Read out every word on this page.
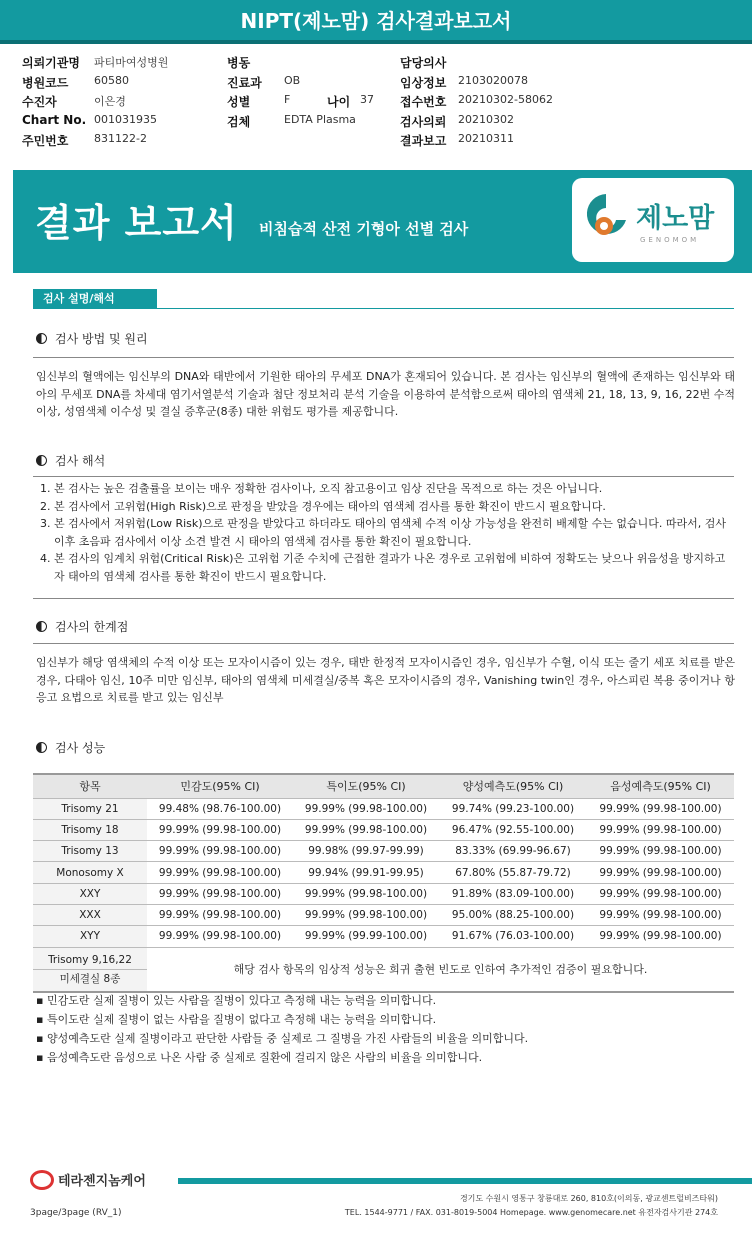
NIPT(제노맘) 검사결과보고서
의뢰기관명 파티마여성병원	병동	담당의사
병원코드 60580	진료과 OB	임상정보 2103020078
수진자	이은경	성별	F	나이 37 접수번호 20210302-58062
Chart No. 001031935	검체	EDTA Plasma	검사의뢰 20210302
주민번호 831122-2	결과보고 20210311
결과 보고서 비침습적 산전 기형아 선별 검사	제노맘
GENOMOM
검사 설명/해석
검사 방법 및 원리
임신부의 혈액에는 임신부의 DNA와 태반에서 기원한 태아의 무세포 DNA가 혼재되어 있습니다. 본 검사는 임신부의 혈액에 존재하는 임신부와 태아의 무세포 DNA를 차세대 염기서열분석 기술과 첨단 정보처리 분석 기술을 이용하여 분석함으로써 태아의 염색체 21, 18, 13, 9, 16, 22번 수적 이상, 성염색체 이수성 및 결실 증후군(8종) 대한 위험도 평가를 제공합니다.
검사 해석
1. 본 검사는 높은 검출률을 보이는 매우 정확한 검사이나, 오직 참고용이고 임상 진단을 목적으로 하는 것은 아닙니다.
2. 본 검사에서 고위험(High Risk)으로 판정을 받았을 경우에는 태아의 염색체 검사를 통한 확진이 반드시 필요합니다.
3. 본 검사에서 저위험(Low Risk)으로 판정을 받았다고 하더라도 태아의 염색체 수적 이상 가능성을 완전히 배제할 수는 없습니다. 따라서, 검사 이후 초음파 검사에서 이상 소견 발견 시 태아의 염색체 검사를 통한 확진이 필요합니다.
4. 본 검사의 임계치 위험(Critical Risk)은 고위험 기준 수치에 근접한 결과가 나온 경우로 고위험에 비하여 정확도는 낮으나 위음성을 방지하고자 태아의 염색체 검사를 통한 확진이 반드시 필요합니다.
검사의 한계점
임신부가 해당 염색체의 수적 이상 또는 모자이시즘이 있는 경우, 태반 한정적 모자이시즘인 경우, 임신부가 수혈, 이식 또는 줄기 세포 치료를 받은 경우, 다태아 임신, 10주 미만 임신부, 태아의 염색체 미세결실/중복 혹은 모자이시즘의 경우, Vanishing twin인 경우, 아스피린 복용 중이거나 항 응고 요법으로 치료를 받고 있는 임신부
검사 성능
항목	민감도(95% CI)	특이도(95% CI)	양성예측도(95% CI)	음성예측도(95% CI)
Trisomy 21	99.48% (98.76-100.00)	99.99% (99.98-100.00)	99.74% (99.23-100.00)	99.99% (99.98-100.00)
Trisomy 18	99.99% (99.98-100.00)	99.99% (99.98-100.00)	96.47% (92.55-100.00)	99.99% (99.98-100.00)
Trisomy 13	99.99% (99.98-100.00)	99.98% (99.97-99.99)	83.33% (69.99-96.67)	99.99% (99.98-100.00)
Monosomy X	99.99% (99.98-100.00)	99.94% (99.91-99.95)	67.80% (55.87-79.72)	99.99% (99.98-100.00)
XXY	99.99% (99.98-100.00)	99.99% (99.98-100.00)	91.89% (83.09-100.00)	99.99% (99.98-100.00)
XXX	99.99% (99.98-100.00)	99.99% (99.98-100.00)	95.00% (88.25-100.00)	99.99% (99.98-100.00)
XYY	99.99% (99.98-100.00)	99.99% (99.99-100.00)	91.67% (76.03-100.00)	99.99% (99.98-100.00)

Trisomy 9,16,22
미세결실 8종	해당 검사 항목의 임상적 성능은 희귀 출현 빈도로 인하여 추가적인 검증이 필요합니다.			
▪ 민감도란 실제 질병이 있는 사람을 질병이 있다고 측정해 내는 능력을 의미합니다.
▪ 특이도란 실제 질병이 없는 사람을 질병이 없다고 측정해 내는 능력을 의미합니다.
▪ 양성예측도란 실제 질병이라고 판단한 사람들 중 실제로 그 질병을 가진 사람들의 비율을 의미합니다.
▪ 음성예측도란 음성으로 나온 사람 중 실제로 질환에 걸리지 않은 사람의 비율을 의미합니다.
테라젠지놈케어
경기도 수원시 영통구 창룡대로 260, 810호(이의동, 광교센트럴비즈타워)
TEL. 1544-9771 / FAX. 031-8019-5004 Homepage. www.genomecare.net 유전자검사기관 274호
3page/3page (RV_1)
